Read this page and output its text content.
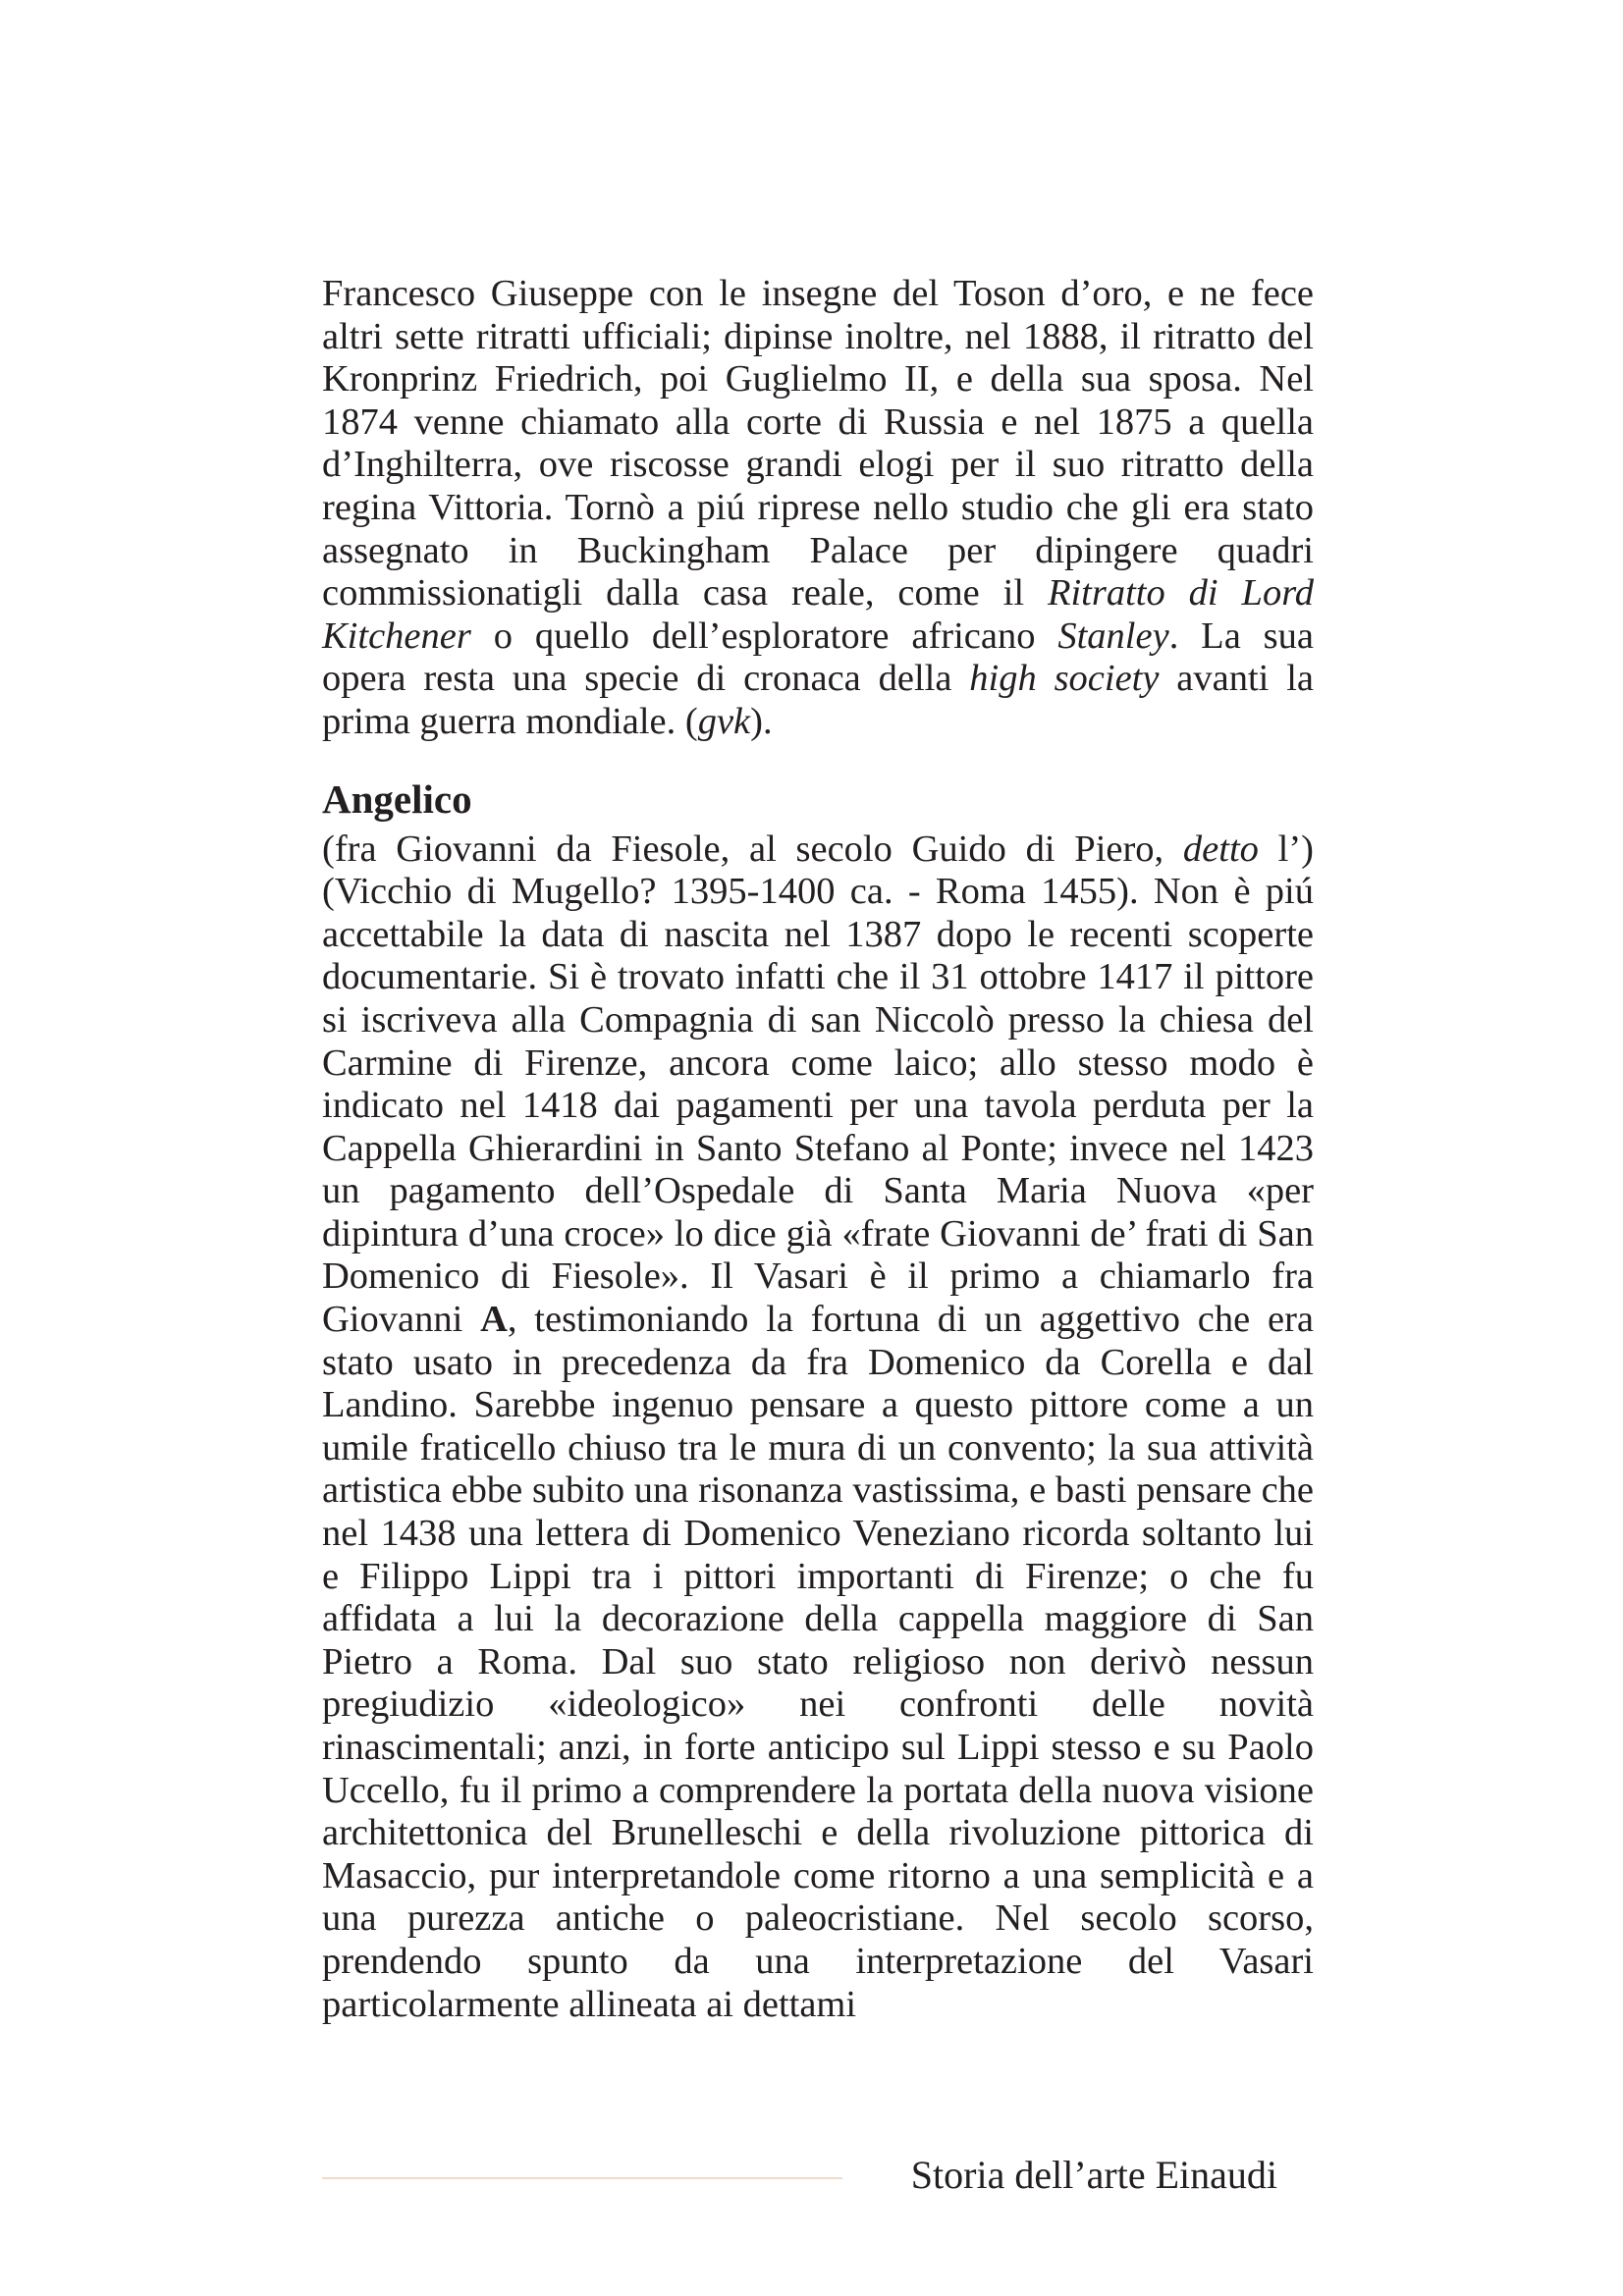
Francesco Giuseppe con le insegne del Toson d’oro, e ne fece altri sette ritratti ufficiali; dipinse inoltre, nel 1888, il ritratto del Kronprinz Friedrich, poi Guglielmo II, e della sua sposa. Nel 1874 venne chiamato alla corte di Russia e nel 1875 a quella d’Inghilterra, ove riscosse grandi elogi per il suo ritratto della regina Vittoria. Tornò a piú riprese nello studio che gli era stato assegnato in Buckingham Palace per dipingere quadri commissionatigli dalla casa reale, come il Ritratto di Lord Kitchener o quello dell’esploratore africano Stanley. La sua opera resta una specie di cronaca della high society avanti la prima guerra mondiale. (gvk).

Angelico

(fra Giovanni da Fiesole, al secolo Guido di Piero, detto l’) (Vicchio di Mugello? 1395-1400 ca. - Roma 1455). Non è piú accettabile la data di nascita nel 1387 dopo le recenti scoperte documentarie. Si è trovato infatti che il 31 ottobre 1417 il pittore si iscriveva alla Compagnia di san Niccolò presso la chiesa del Carmine di Firenze, ancora come laico; allo stesso modo è indicato nel 1418 dai pagamenti per una tavola perduta per la Cappella Ghierardini in Santo Stefano al Ponte; invece nel 1423 un pagamento dell’Ospedale di Santa Maria Nuova «per dipintura d’una croce» lo dice già «frate Giovanni de’ frati di San Domenico di Fiesole». Il Vasari è il primo a chiamarlo fra Giovanni A, testimoniando la fortuna di un aggettivo che era stato usato in precedenza da fra Domenico da Corella e dal Landino. Sarebbe ingenuo pensare a questo pittore come a un umile fraticello chiuso tra le mura di un convento; la sua attività artistica ebbe subito una risonanza vastissima, e basti pensare che nel 1438 una lettera di Domenico Veneziano ricorda soltanto lui e Filippo Lippi tra i pittori importanti di Firenze; o che fu affidata a lui la decorazione della cappella maggiore di San Pietro a Roma. Dal suo stato religioso non derivò nessun pregiudizio «ideologico» nei confronti delle novità rinascimentali; anzi, in forte anticipo sul Lippi stesso e su Paolo Uccello, fu il primo a comprendere la portata della nuova visione architettonica del Brunelleschi e della rivoluzione pittorica di Masaccio, pur interpretandole come ritorno a una semplicità e a una purezza antiche o paleocristiane. Nel secolo scorso, prendendo spunto da una interpretazione del Vasari particolarmente allineata ai dettami

Storia dell’arte Einaudi
